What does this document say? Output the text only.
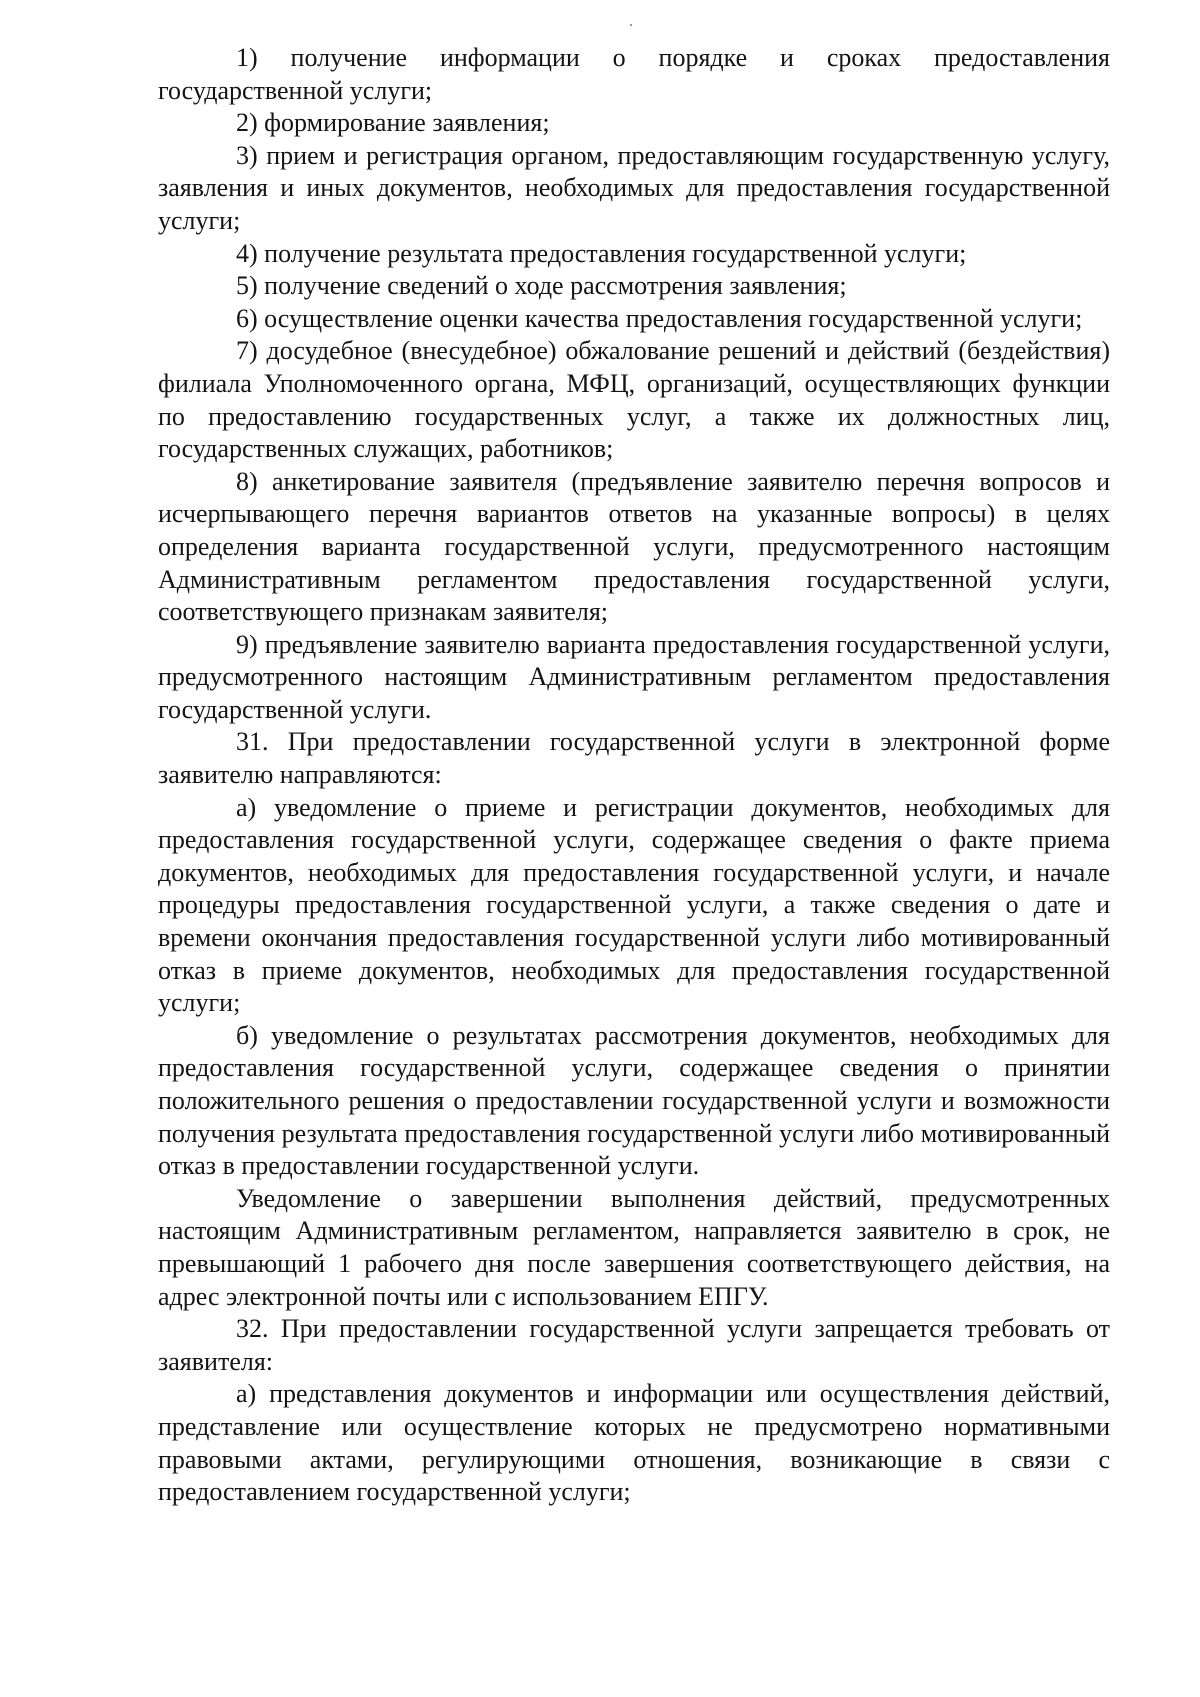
1) получение информации о порядке и сроках предоставления государственной услуги;

2) формирование заявления;

3) прием и регистрация органом, предоставляющим государственную услугу, заявления и иных документов, необходимых для предоставления государственной услуги;

4) получение результата предоставления государственной услуги;

5) получение сведений о ходе рассмотрения заявления;

6) осуществление оценки качества предоставления государственной услуги;

7) досудебное (внесудебное) обжалование решений и действий (бездействия) филиала Уполномоченного органа, МФЦ, организаций, осуществляющих функции по предоставлению государственных услуг, а также их должностных лиц, государственных служащих, работников;

8) анкетирование заявителя (предъявление заявителю перечня вопросов и исчерпывающего перечня вариантов ответов на указанные вопросы) в целях определения варианта государственной услуги, предусмотренного настоящим Административным регламентом предоставления государственной услуги, соответствующего признакам заявителя;

9) предъявление заявителю варианта предоставления государственной услуги, предусмотренного настоящим Административным регламентом предоставления государственной услуги.

31. При предоставлении государственной услуги в электронной форме заявителю направляются:

а) уведомление о приеме и регистрации документов, необходимых для предоставления государственной услуги, содержащее сведения о факте приема документов, необходимых для предоставления государственной услуги, и начале процедуры предоставления государственной услуги, а также сведения о дате и времени окончания предоставления государственной услуги либо мотивированный отказ в приеме документов, необходимых для предоставления государственной услуги;

б) уведомление о результатах рассмотрения документов, необходимых для предоставления государственной услуги, содержащее сведения о принятии положительного решения о предоставлении государственной услуги и возможности получения результата предоставления государственной услуги либо мотивированный отказ в предоставлении государственной услуги.

Уведомление о завершении выполнения действий, предусмотренных настоящим Административным регламентом, направляется заявителю в срок, не превышающий 1 рабочего дня после завершения соответствующего действия, на адрес электронной почты или с использованием ЕПГУ.

32. При предоставлении государственной услуги запрещается требовать от заявителя:

а) представления документов и информации или осуществления действий, представление или осуществление которых не предусмотрено нормативными правовыми актами, регулирующими отношения, возникающие в связи с предоставлением государственной услуги;
